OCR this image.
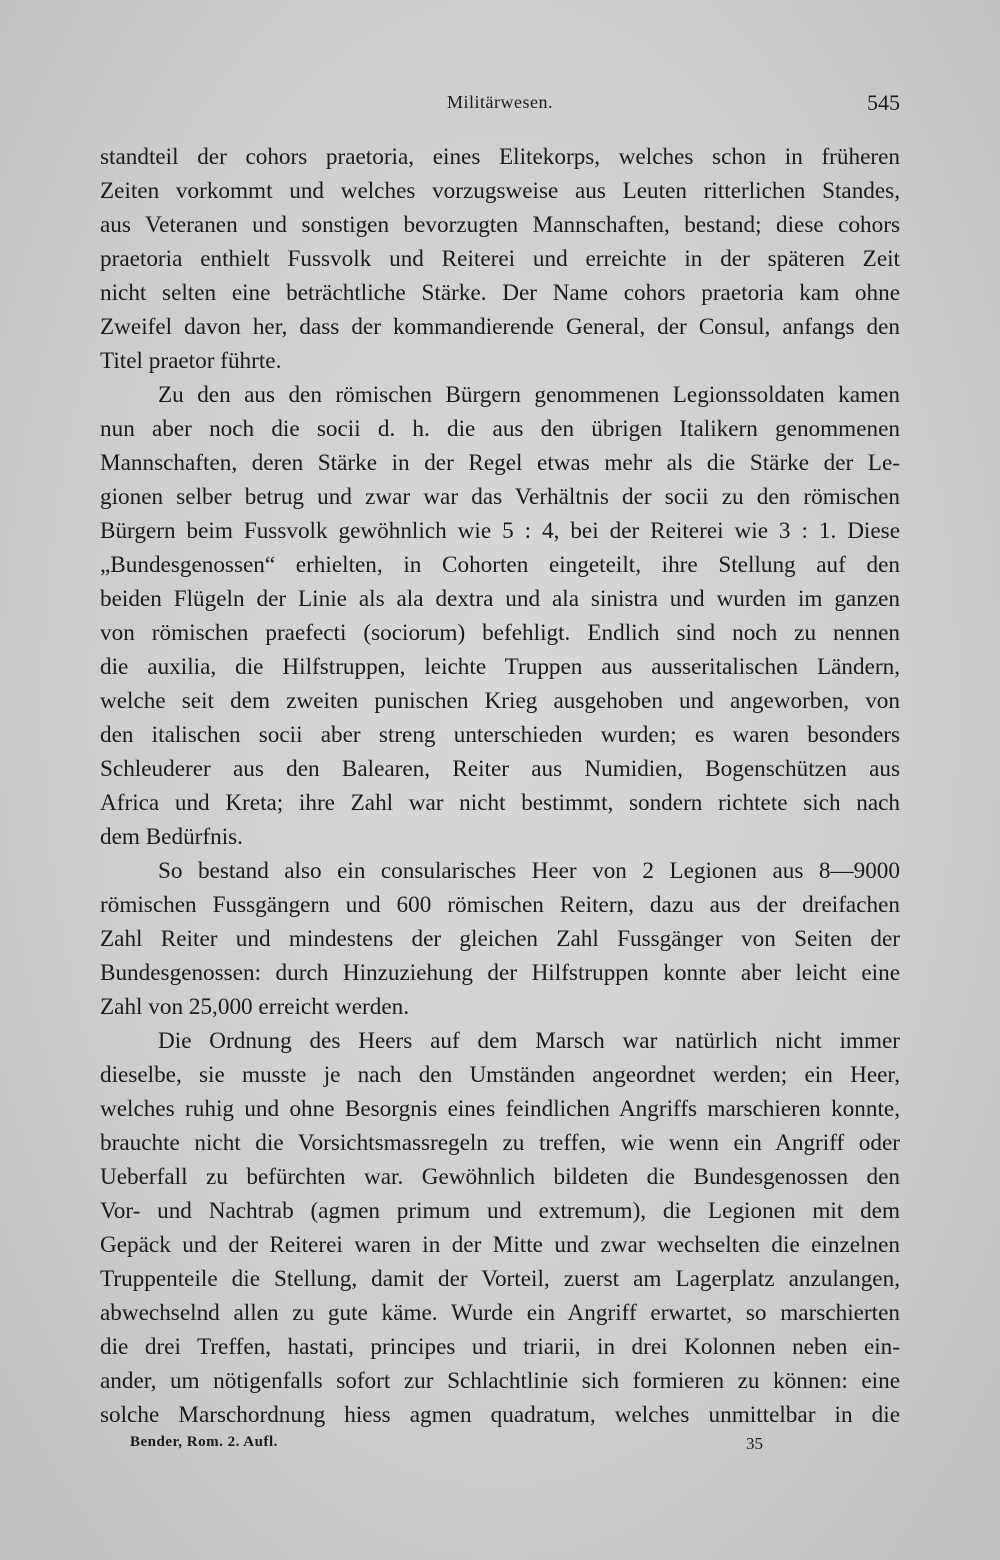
Militärwesen.	545
standteil der cohors praetoria, eines Elitekorps, welches schon in früheren
Zeiten vorkommt und welches vorzugsweise aus Leuten ritterlichen Standes,
aus Veteranen und sonstigen bevorzugten Mannschaften, bestand; diese cohors
praetoria enthielt Fussvolk und Reiterei und erreichte in der späteren Zeit
nicht selten eine beträchtliche Stärke. Der Name cohors praetoria kam ohne
Zweifel davon her, dass der kommandierende General, der Consul, anfangs den
Titel praetor führte.
Zu den aus den römischen Bürgern genommenen Legionssoldaten kamen
nun aber noch die socii d. h. die aus den übrigen Italikern genommenen
Mannschaften, deren Stärke in der Regel etwas mehr als die Stärke der Le-
gionen selber betrug und zwar war das Verhältnis der socii zu den römischen
Bürgern beim Fussvolk gewöhnlich wie 5 : 4, bei der Reiterei wie 3 : 1. Diese
„Bundesgenossen“ erhielten, in Cohorten eingeteilt, ihre Stellung auf den
beiden Flügeln der Linie als ala dextra und ala sinistra und wurden im ganzen
von römischen praefecti (sociorum) befehligt. Endlich sind noch zu nennen
die auxilia, die Hilfstruppen, leichte Truppen aus ausseritalischen Ländern,
welche seit dem zweiten punischen Krieg ausgehoben und angeworben, von
den italischen socii aber streng unterschieden wurden; es waren besonders
Schleuderer aus den Balearen, Reiter aus Numidien, Bogenschützen aus
Africa und Kreta; ihre Zahl war nicht bestimmt, sondern richtete sich nach
dem Bedürfnis.
So bestand also ein consularisches Heer von 2 Legionen aus 8—9000
römischen Fussgängern und 600 römischen Reitern, dazu aus der dreifachen
Zahl Reiter und mindestens der gleichen Zahl Fussgänger von Seiten der
Bundesgenossen: durch Hinzuziehung der Hilfstruppen konnte aber leicht eine
Zahl von 25,000 erreicht werden.
Die Ordnung des Heers auf dem Marsch war natürlich nicht immer
dieselbe, sie musste je nach den Umständen angeordnet werden; ein Heer,
welches ruhig und ohne Besorgnis eines feindlichen Angriffs marschieren konnte,
brauchte nicht die Vorsichtsmassregeln zu treffen, wie wenn ein Angriff oder
Ueberfall zu befürchten war. Gewöhnlich bildeten die Bundesgenossen den
Vor- und Nachtrab (agmen primum und extremum), die Legionen mit dem
Gepäck und der Reiterei waren in der Mitte und zwar wechselten die einzelnen
Truppenteile die Stellung, damit der Vorteil, zuerst am Lagerplatz anzulangen,
abwechselnd allen zu gute käme. Wurde ein Angriff erwartet, so marschierten
die drei Treffen, hastati, principes und triarii, in drei Kolonnen neben ein-
ander, um nötigenfalls sofort zur Schlachtlinie sich formieren zu können: eine
solche Marschordnung hiess agmen quadratum, welches unmittelbar in die
Bender, Rom. 2. Aufl.	35
